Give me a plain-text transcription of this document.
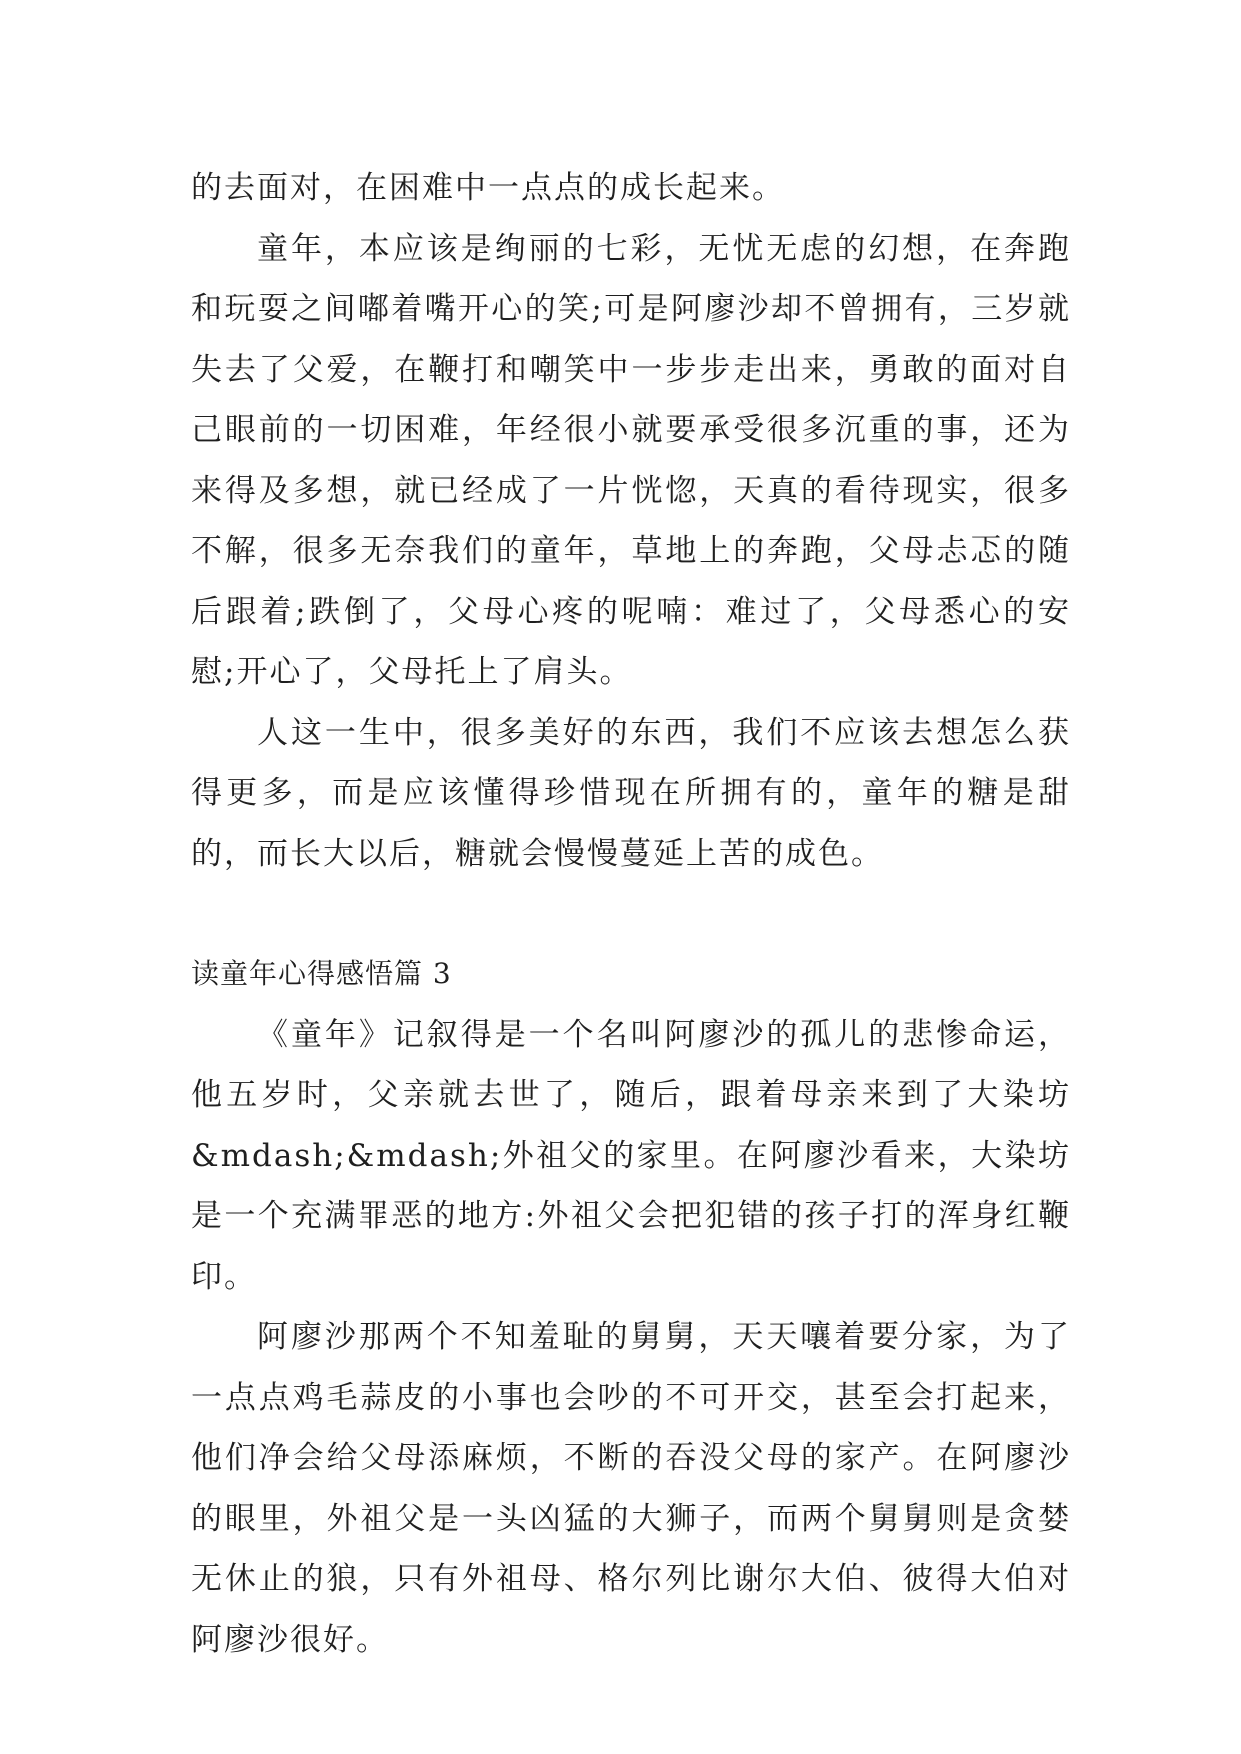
的去面对，在困难中一点点的成长起来。

童年，本应该是绚丽的七彩，无忧无虑的幻想，在奔跑和玩耍之间嘟着嘴开心的笑;可是阿廖沙却不曾拥有，三岁就失去了父爱，在鞭打和嘲笑中一步步走出来，勇敢的面对自己眼前的一切困难，年经很小就要承受很多沉重的事，还为来得及多想，就已经成了一片恍惚，天真的看待现实，很多不解，很多无奈我们的童年，草地上的奔跑，父母忐忑的随后跟着;跌倒了，父母心疼的呢喃：难过了，父母悉心的安慰;开心了，父母托上了肩头。

人这一生中，很多美好的东西，我们不应该去想怎么获得更多，而是应该懂得珍惜现在所拥有的，童年的糖是甜的，而长大以后，糖就会慢慢蔓延上苦的成色。

读童年心得感悟篇 3

《童年》记叙得是一个名叫阿廖沙的孤儿的悲惨命运，他五岁时，父亲就去世了，随后，跟着母亲来到了大染坊&mdash;&mdash;外祖父的家里。在阿廖沙看来，大染坊是一个充满罪恶的地方:外祖父会把犯错的孩子打的浑身红鞭印。

阿廖沙那两个不知羞耻的舅舅，天天嚷着要分家，为了一点点鸡毛蒜皮的小事也会吵的不可开交，甚至会打起来，他们净会给父母添麻烦，不断的吞没父母的家产。在阿廖沙的眼里，外祖父是一头凶猛的大狮子，而两个舅舅则是贪婪无休止的狼，只有外祖母、格尔列比谢尔大伯、彼得大伯对阿廖沙很好。
